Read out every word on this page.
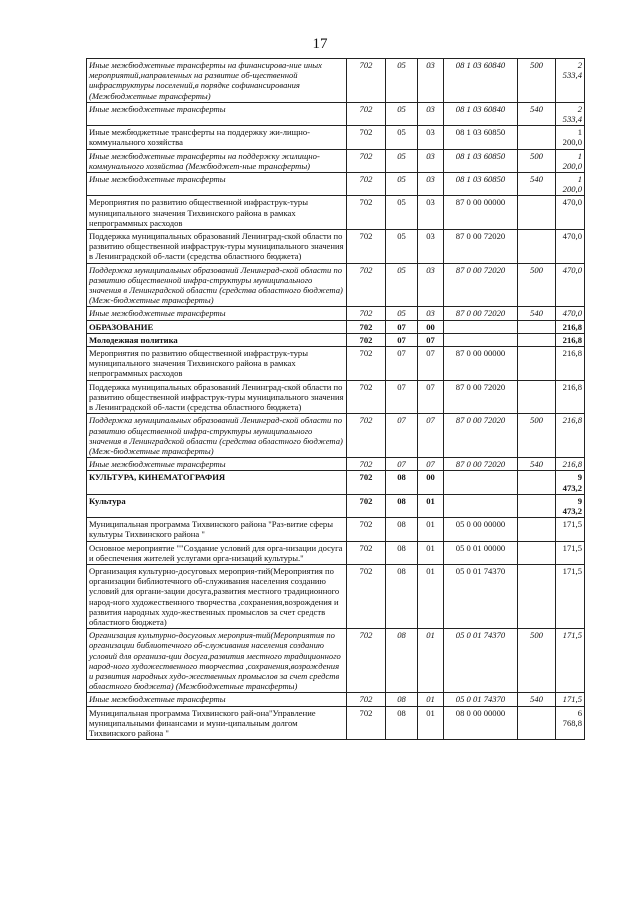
17
Иные межбюджетные трансферты на финансирова-ние иных мероприятий,направленных на развитие об-щественной инфраструктуры поселений,в порядке софинансирования (Межбюджетные трансферты)	702	05	03	08 1 03 60840	500	2 533,4
Иные межбюджетные трансферты	702	05	03	08 1 03 60840	540	2 533,4
Иные межбюджетные трансферты на поддержку жи-лищно-коммунального хозяйства	702	05	03	08 1 03 60850		1 200,0
Иные межбюджетные трансферты на поддержку жилищно-коммунального хозяйства (Межбюджет-ные трансферты)	702	05	03	08 1 03 60850	500	1 200,0
Иные межбюджетные трансферты	702	05	03	08 1 03 60850	540	1 200,0
Мероприятия по развитию общественной инфраструк-туры муниципального значения Тихвинского района в рамках непрограммных расходов	702	05	03	87 0 00 00000		470,0
Поддержка муниципальных образований Ленинград-ской области по развитию общественной инфраструк-туры муниципального значения в Ленинградской об-ласти (средства областного бюджета)	702	05	03	87 0 00 72020		470,0
Поддержка муниципальных образований Ленинград-ской области по развитию общественной инфра-структуры муниципального значения в Ленинградской области (средства областного бюджета) (Меж-бюджетные трансферты)	702	05	03	87 0 00 72020	500	470,0
Иные межбюджетные трансферты	702	05	03	87 0 00 72020	540	470,0
ОБРАЗОВАНИЕ	702	07	00			216,8
Молодежная политика	702	07	07			216,8
Мероприятия по развитию общественной инфраструк-туры муниципального значения Тихвинского района в рамках непрограммных расходов	702	07	07	87 0 00 00000		216,8
Поддержка муниципальных образований Ленинград-ской области по развитию общественной инфраструк-туры муниципального значения в Ленинградской об-ласти (средства областного бюджета)	702	07	07	87 0 00 72020		216,8
Поддержка муниципальных образований Ленинград-ской области по развитию общественной инфра-структуры муниципального значения в Ленинградской области (средства областного бюджета) (Меж-бюджетные трансферты)	702	07	07	87 0 00 72020	500	216,8
Иные межбюджетные трансферты	702	07	07	87 0 00 72020	540	216,8
КУЛЬТУРА, КИНЕМАТОГРАФИЯ	702	08	00			9 473,2
Культура	702	08	01			9 473,2
Муниципальная программа Тихвинского района "Раз-витие сферы культуры Тихвинского района "	702	08	01	05 0 00 00000		171,5
Основное мероприятие ""Создание условий для орга-низации досуга и обеспечения жителей услугами орга-низаций культуры."	702	08	01	05 0 01 00000		171,5
Организация культурно-досуговых мероприя-тий(Мероприятия по организации библиотечного об-служивания населения созданию условий для органи-зации досуга,развития местного традиционного народ-ного художественного творчества ,сохранения,возрождения и развития народных худо-жественных промыслов за счет средств областного бюджета)	702	08	01	05 0 01 74370		171,5
Организация культурно-досуговых мероприя-тий(Мероприятия по организации библиотечного об-служивания населения созданию условий для организа-ции досуга,развития местного традиционного народ-ного художественного творчества ,сохранения,возрождения и развития народных худо-жественных промыслов за счет средств областного бюджета) (Межбюджетные трансферты)	702	08	01	05 0 01 74370	500	171,5
Иные межбюджетные трансферты	702	08	01	05 0 01 74370	540	171,5
Муниципальная программа Тихвинского рай-она"Управление муниципальными финансами и муни-ципальным долгом Тихвинского района "	702	08	01	08 0 00 00000		6 768,8
